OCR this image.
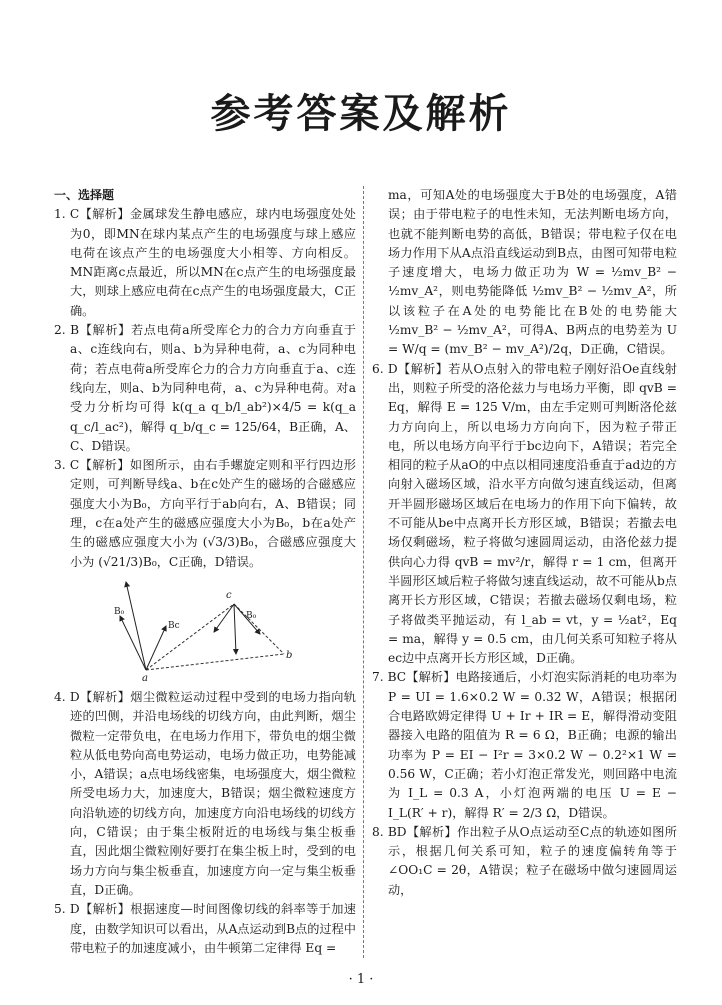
参考答案及解析
一、选择题

1. C【解析】金属球发生静电感应，球内电场强度处处为0，即MN在球内某点产生的电场强度与球上感应电荷在该点产生的电场强度大小相等、方向相反。MN距离c点最近，所以MN在c点产生的电场强度最大，则球上感应电荷在c点产生的电场强度最大，C正确。

2. B【解析】若点电荷a所受库仑力的合力方向垂直于a、c连线向右，则a、b为异种电荷，a、c为同种电荷；若点电荷a所受库仑力的合力方向垂直于a、c连线向左，则a、b为同种电荷，a、c为异种电荷。对a受力分析均可得 k(q_a q_b/l_ab²)×4/5 = k(q_a q_c/l_ac²)，解得 q_b/q_c = 125/64，B正确，A、C、D错误。

3. C【解析】如图所示，由右手螺旋定则和平行四边形定则，可判断导线a、b在c处产生的磁场的合磁感应强度大小为B₀，方向平行于ab向右，A、B错误；同理，c在a处产生的磁感应强度大小为B₀，b在a处产生的磁感应强度大小为 (√3/3)B₀，合磁感应强度大小为 (√21/3)B₀，C正确，D错误。

a
b
c
B₀	B₀
Bc

4. D【解析】烟尘微粒运动过程中受到的电场力指向轨迹的凹侧，并沿电场线的切线方向，由此判断，烟尘微粒一定带负电，在电场力作用下，带负电的烟尘微粒从低电势向高电势运动，电场力做正功，电势能减小，A错误；a点电场线密集，电场强度大，烟尘微粒所受电场力大，加速度大，B错误；烟尘微粒速度方向沿轨迹的切线方向，加速度方向沿电场线的切线方向，C错误；由于集尘板附近的电场线与集尘板垂直，因此烟尘微粒刚好要打在集尘板上时，受到的电场力方向与集尘板垂直，加速度方向一定与集尘板垂直，D正确。

5. D【解析】根据速度—时间图像切线的斜率等于加速度，由数学知识可以看出，从A点运动到B点的过程中带电粒子的加速度减小，由牛顿第二定律得 Eq =

ma，可知A处的电场强度大于B处的电场强度，A错误；由于带电粒子的电性未知，无法判断电场方向，也就不能判断电势的高低，B错误；带电粒子仅在电场力作用下从A点沿直线运动到B点，由图可知带电粒子速度增大，电场力做正功为 W = ½mv_B² − ½mv_A²，则电势能降低 ½mv_B² − ½mv_A²，所以该粒子在A处的电势能比在B处的电势能大 ½mv_B² − ½mv_A²，可得A、B两点的电势差为 U = W/q = (mv_B² − mv_A²)/2q，D正确，C错误。

6. D【解析】若从O点射入的带电粒子刚好沿Oe直线射出，则粒子所受的洛伦兹力与电场力平衡，即 qvB = Eq，解得 E = 125 V/m，由左手定则可判断洛伦兹力方向向上，所以电场力方向向下，因为粒子带正电，所以电场方向平行于bc边向下，A错误；若完全相同的粒子从aO的中点以相同速度沿垂直于ad边的方向射入磁场区域，沿水平方向做匀速直线运动，但离开半圆形磁场区域后在电场力的作用下向下偏转，故不可能从be中点离开长方形区域，B错误；若撤去电场仅剩磁场，粒子将做匀速圆周运动，由洛伦兹力提供向心力得 qvB = mv²/r，解得 r = 1 cm，但离开半圆形区域后粒子将做匀速直线运动，故不可能从b点离开长方形区域，C错误；若撤去磁场仅剩电场，粒子将做类平抛运动，有 l_ab = vt，y = ½at²，Eq = ma，解得 y = 0.5 cm，由几何关系可知粒子将从ec边中点离开长方形区域，D正确。

7. BC【解析】电路接通后，小灯泡实际消耗的电功率为 P = UI = 1.6×0.2 W = 0.32 W，A错误；根据闭合电路欧姆定律得 U + Ir + IR = E，解得滑动变阻器接入电路的阻值为 R = 6 Ω，B正确；电源的输出功率为 P = EI − I²r = 3×0.2 W − 0.2²×1 W = 0.56 W，C正确；若小灯泡正常发光，则回路中电流为 I_L = 0.3 A，小灯泡两端的电压 U = E − I_L(R′ + r)，解得 R′ = 2/3 Ω，D错误。

8. BD【解析】作出粒子从O点运动至C点的轨迹如图所示，根据几何关系可知，粒子的速度偏转角等于∠OO₁C = 2θ，A错误；粒子在磁场中做匀速圆周运动，

· 1 ·
